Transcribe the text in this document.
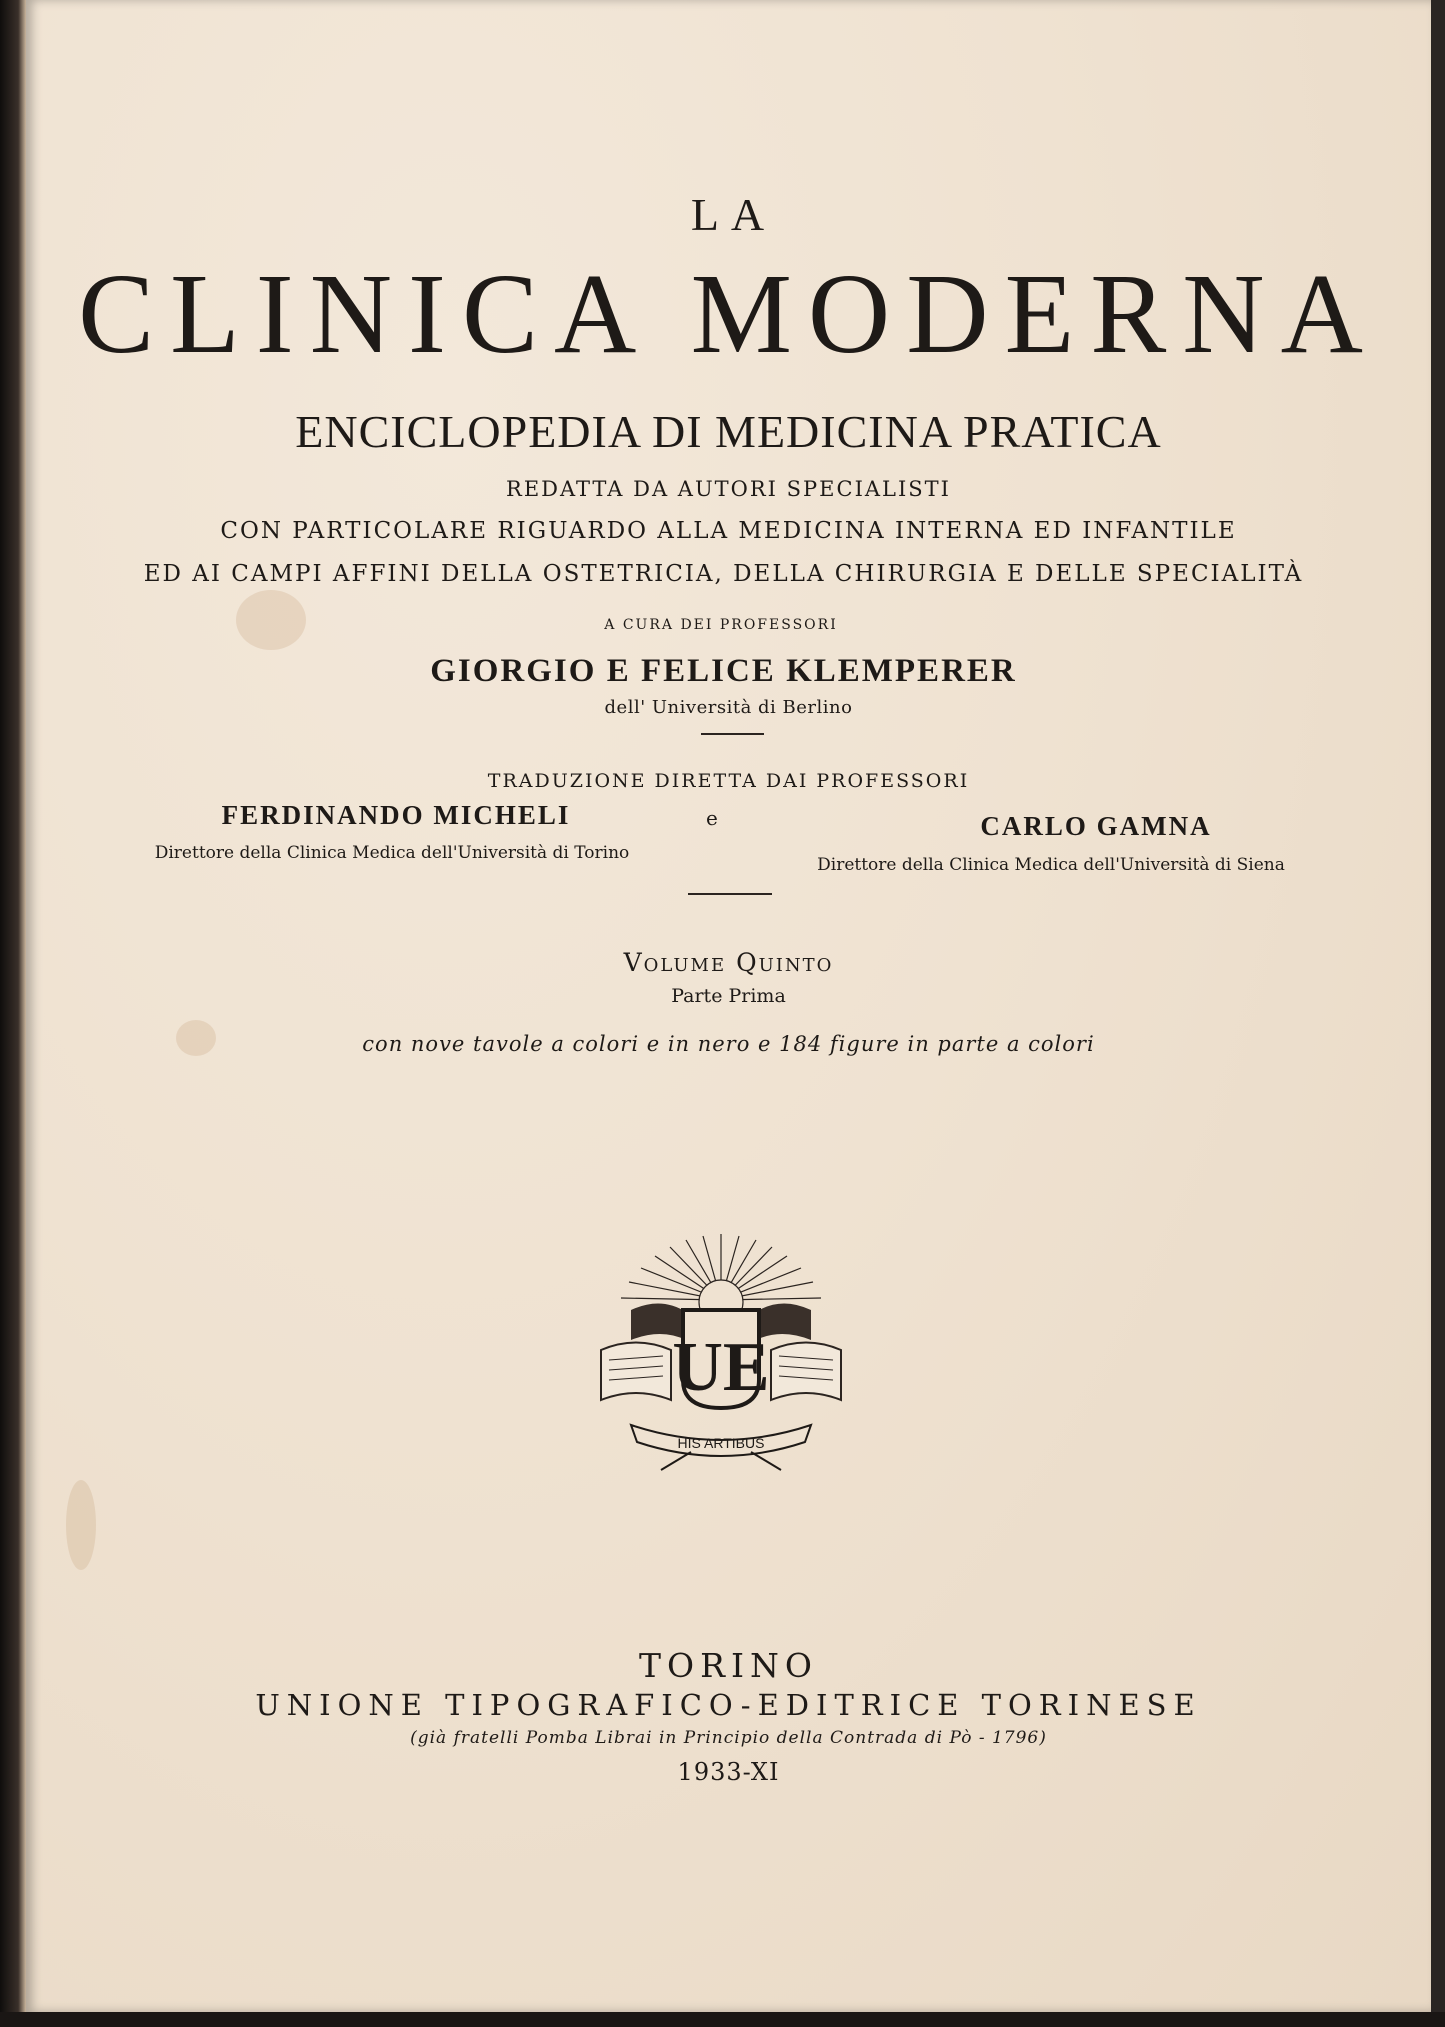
LA
CLINICA MODERNA
ENCICLOPEDIA DI MEDICINA PRATICA
REDATTA DA AUTORI SPECIALISTI
CON PARTICOLARE RIGUARDO ALLA MEDICINA INTERNA ED INFANTILE
ED AI CAMPI AFFINI DELLA OSTETRICIA, DELLA CHIRURGIA E DELLE SPECIALITÀ
A CURA DEI PROFESSORI
GIORGIO E FELICE KLEMPERER
dell' Università di Berlino
TRADUZIONE DIRETTA DAI PROFESSORI
FERDINANDO MICHELI
Direttore della Clinica Medica dell'Università di Torino
e	CARLO GAMNA
Direttore della Clinica Medica dell'Università di Siena
Volume Quinto
Parte Prima
con nove tavole a colori e in nero e 184 figure in parte a colori
UE
HIS ARTIBUS
TORINO
UNIONE TIPOGRAFICO-EDITRICE TORINESE
(già fratelli Pomba Librai in Principio della Contrada di Pò - 1796)
1933-XI
